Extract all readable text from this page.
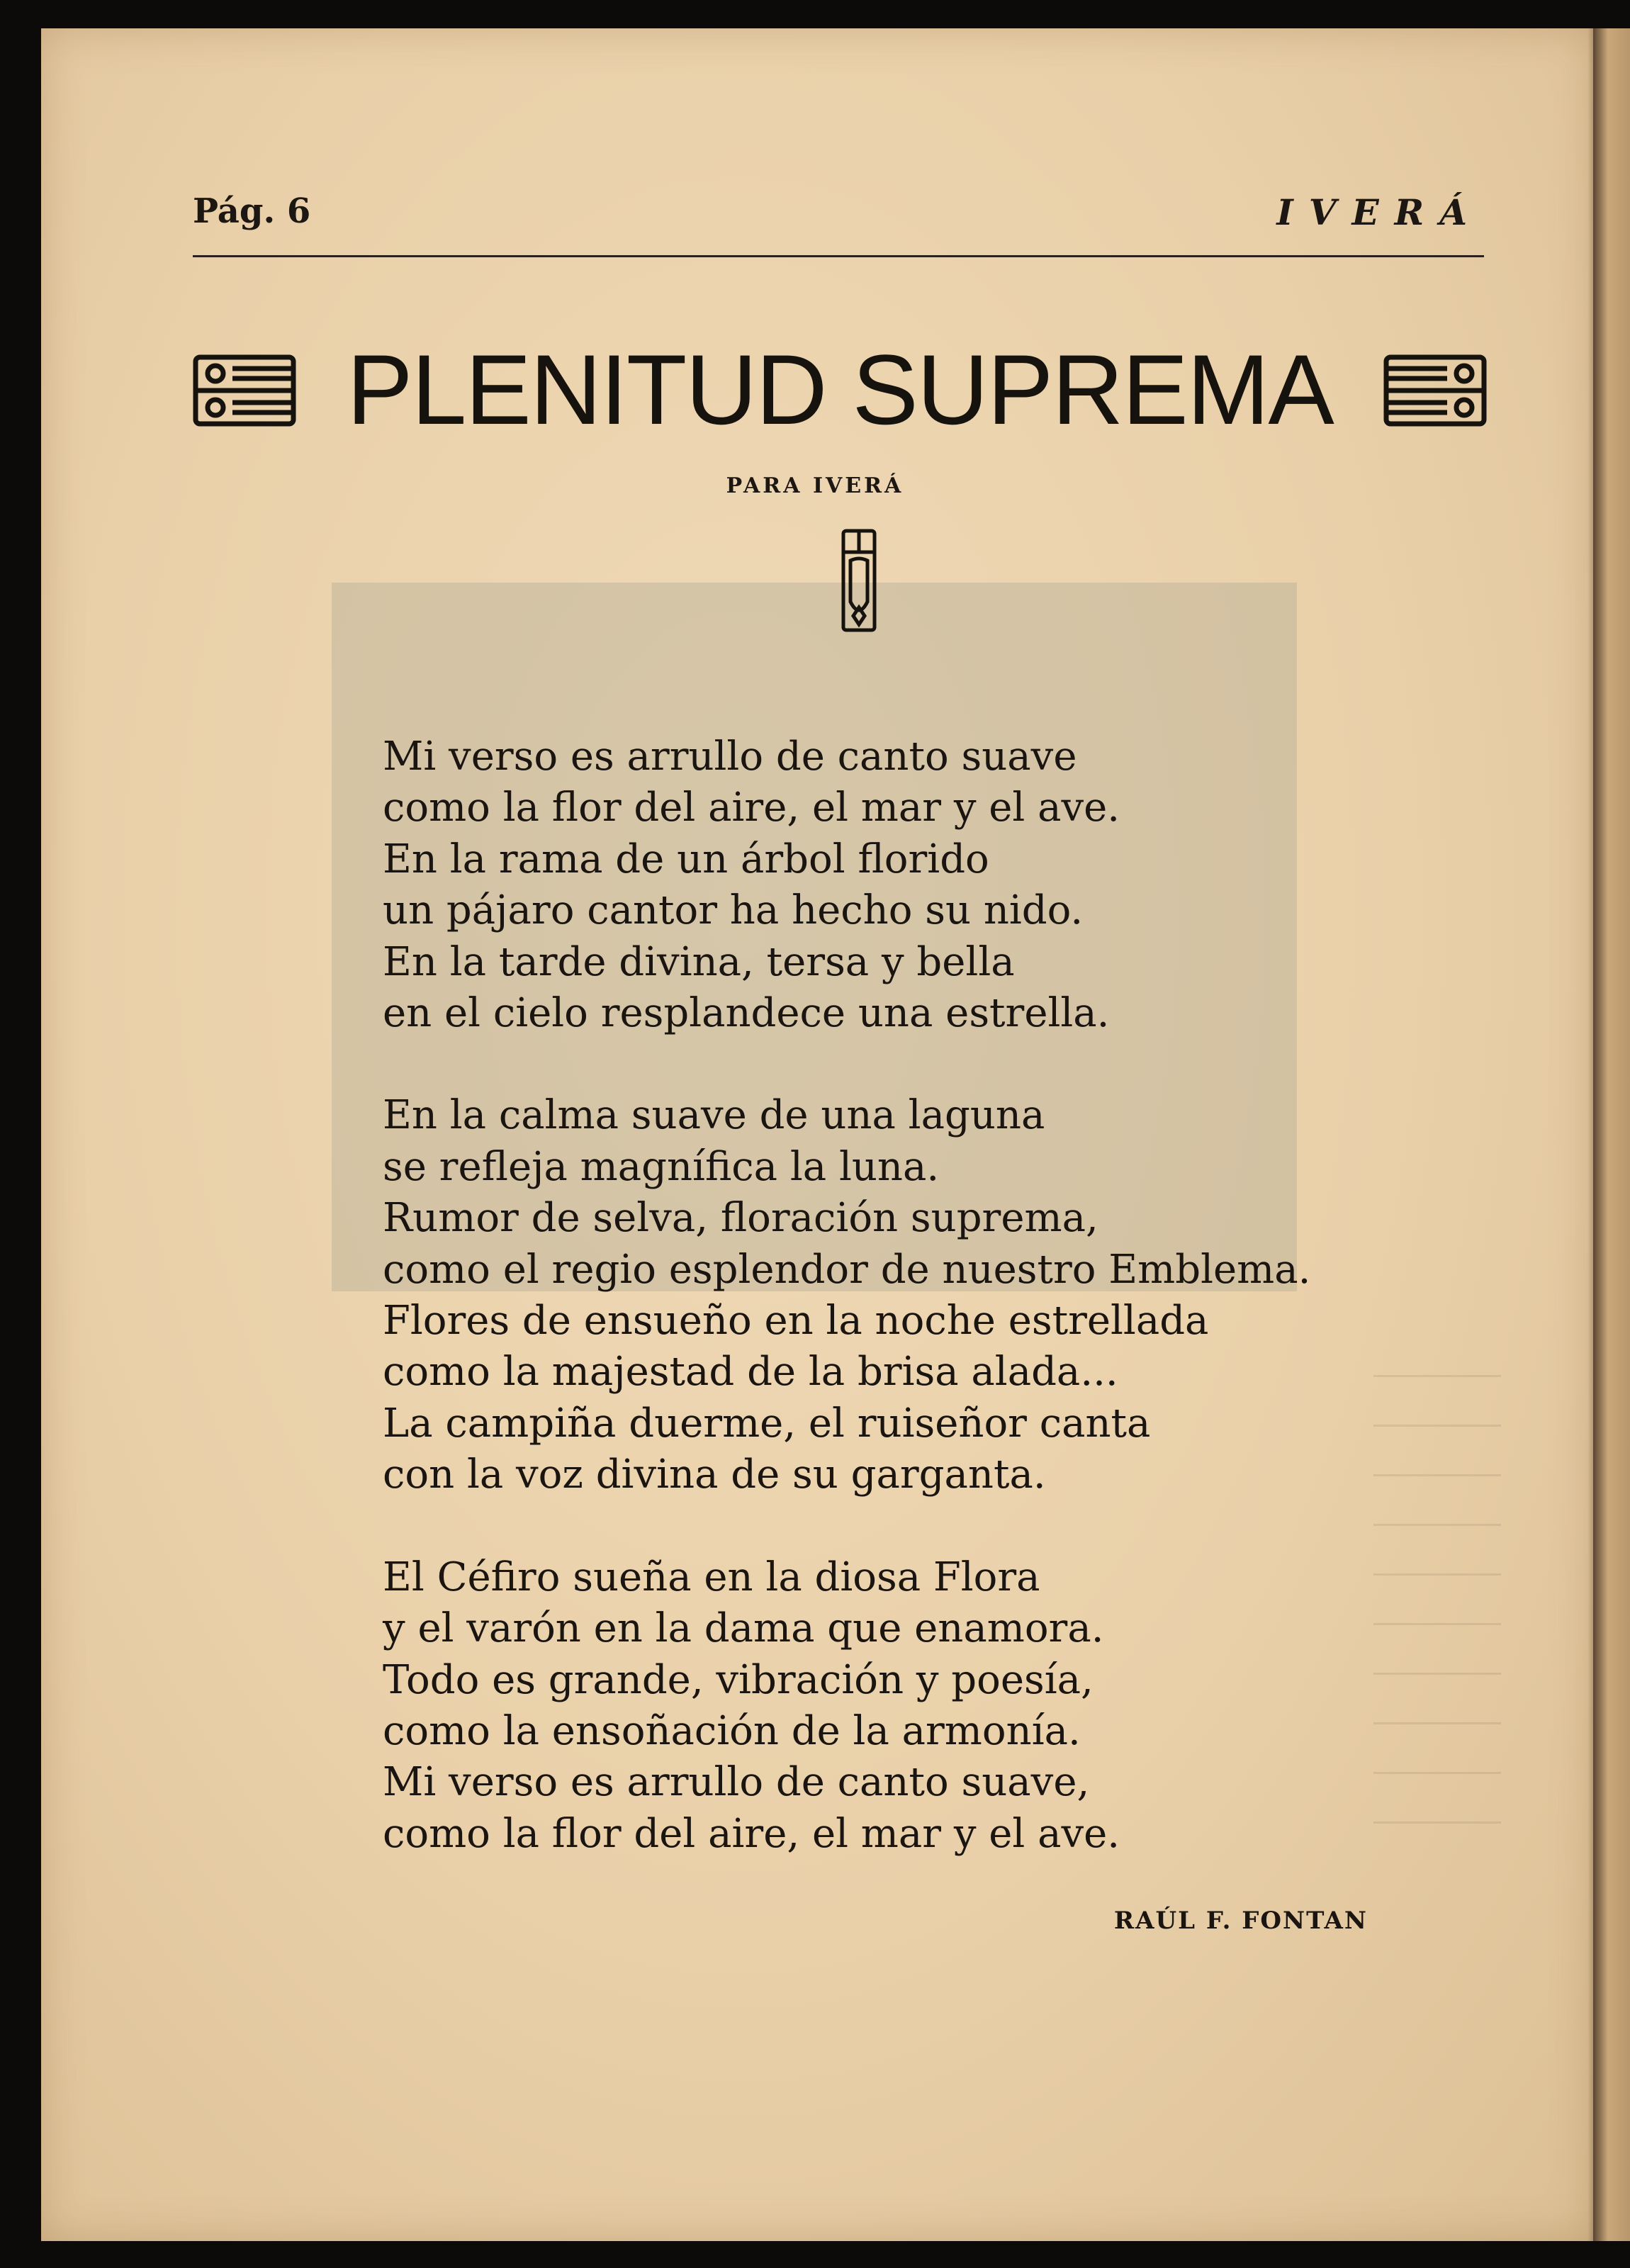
Pág. 6	IVERÁ
PLENITUD SUPREMA
PARA IVERÁ
Mi verso es arrullo de canto suave
como la flor del aire, el mar y el ave.
En la rama de un árbol florido
un pájaro cantor ha hecho su nido.
En la tarde divina, tersa y bella
en el cielo resplandece una estrella.
En la calma suave de una laguna
se refleja magnífica la luna.
Rumor de selva, floración suprema,
como el regio esplendor de nuestro Emblema.
Flores de ensueño en la noche estrellada
como la majestad de la brisa alada...
La campiña duerme, el ruiseñor canta
con la voz divina de su garganta.
El Céfiro sueña en la diosa Flora
y el varón en la dama que enamora.
Todo es grande, vibración y poesía,
como la ensoñación de la armonía.
Mi verso es arrullo de canto suave,
como la flor del aire, el mar y el ave.
RAÚL F. FONTAN
